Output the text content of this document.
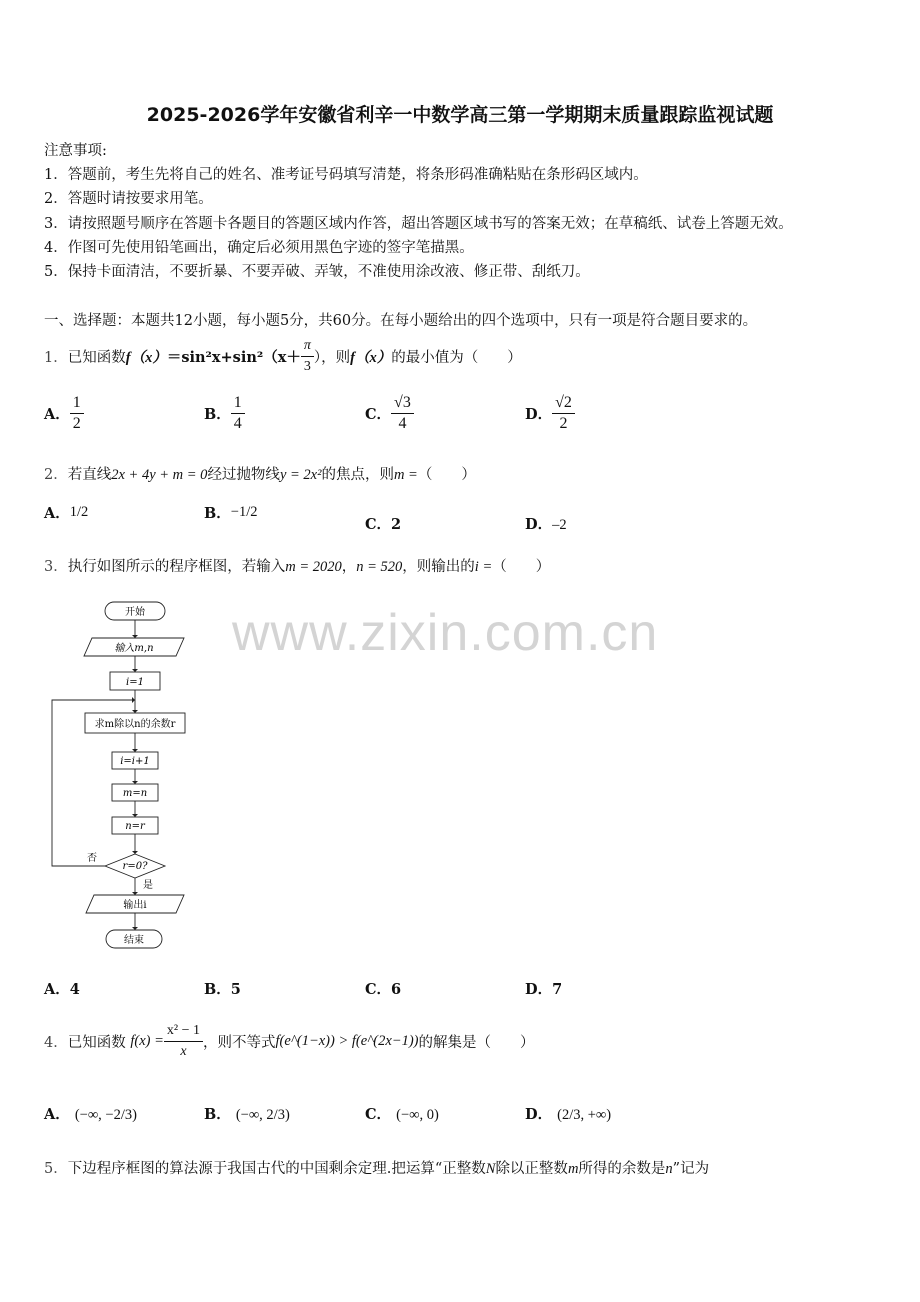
2025-2026学年安徽省利辛一中数学高三第一学期期末质量跟踪监视试题
注意事项:
1．答题前，考生先将自己的姓名、准考证号码填写清楚，将条形码准确粘贴在条形码区域内。
2．答题时请按要求用笔。
3．请按照题号顺序在答题卡各题目的答题区域内作答，超出答题区域书写的答案无效；在草稿纸、试卷上答题无效。
4．作图可先使用铅笔画出，确定后必须用黑色字迹的签字笔描黑。
5．保持卡面清洁，不要折暴、不要弄破、弄皱，不准使用涂改液、修正带、刮纸刀。
一、选择题：本题共12小题，每小题5分，共60分。在每小题给出的四个选项中，只有一项是符合题目要求的。
1． 已知函数 $f(x) =\sin^2x+\sin^2(x+ \frac{\pi}{3}$ ），则 f（x） 的最小值为（　　）
A． $\frac{1}{2}$	B． $\frac{1}{4}$	C． $\frac{√3}{4}$	D． $\frac{√2}{2}$
2．若直线2x + 4y + m = 0经过抛物线y = 2x²的焦点，则m =（　　）
A． 1/2	B． −1/2
C．2	D．–2
3．执行如图所示的程序框图，若输入m = 2020，n = 520，则输出的i =（　　）
www.zixin.com.cn
开始
输入m,n
i=1
求m除以n的余数r
i=i+1
m=n
n=r
r=0?
否
是
输出i
结束
A．4	B．5	C．6	D．7
4． 已知函数
$f(x) = \frac{\text{x² − 1}}{x}$ ，则不等式 f(e^(1−x)) > f(e^(2x−1)) 的解集是（　　）
A． (−∞, −2/3)	B． (−∞, 2/3)	C． (−∞, 0)	D． (2/3, +∞)
5．下边程序框图的算法源于我国古代的中国剩余定理.把运算“正整数N除以正整数m所得的余数是n”记为
